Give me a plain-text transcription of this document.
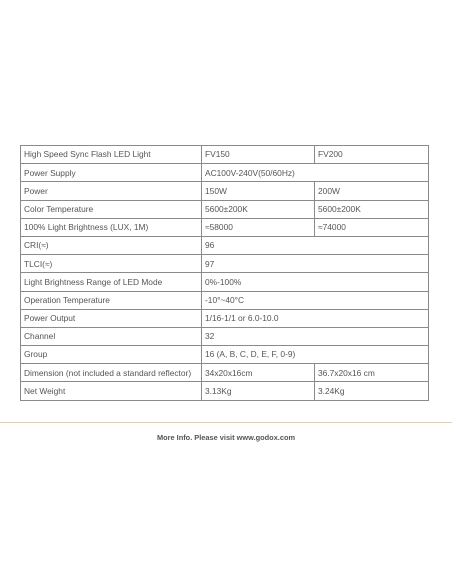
High Speed Sync Flash LED Light	FV150	FV200
Power Supply	AC100V-240V(50/60Hz)	
Power	150W	200W
Color Temperature	5600±200K	5600±200K
100% Light Brightness (LUX, 1M)	≈58000	≈74000
CRI(≈)	96	
TLCI(≈)	97	
Light Brightness Range of LED Mode	0%-100%	
Operation Temperature	-10°~40°C	
Power Output	1/16-1/1 or 6.0-10.0	
Channel	32	
Group	16 (A, B, C, D, E, F, 0-9)	
Dimension (not included a standard reflector)	34x20x16cm	36.7x20x16 cm
Net Weight	3.13Kg	3.24Kg
More Info. Please visit www.godox.com
